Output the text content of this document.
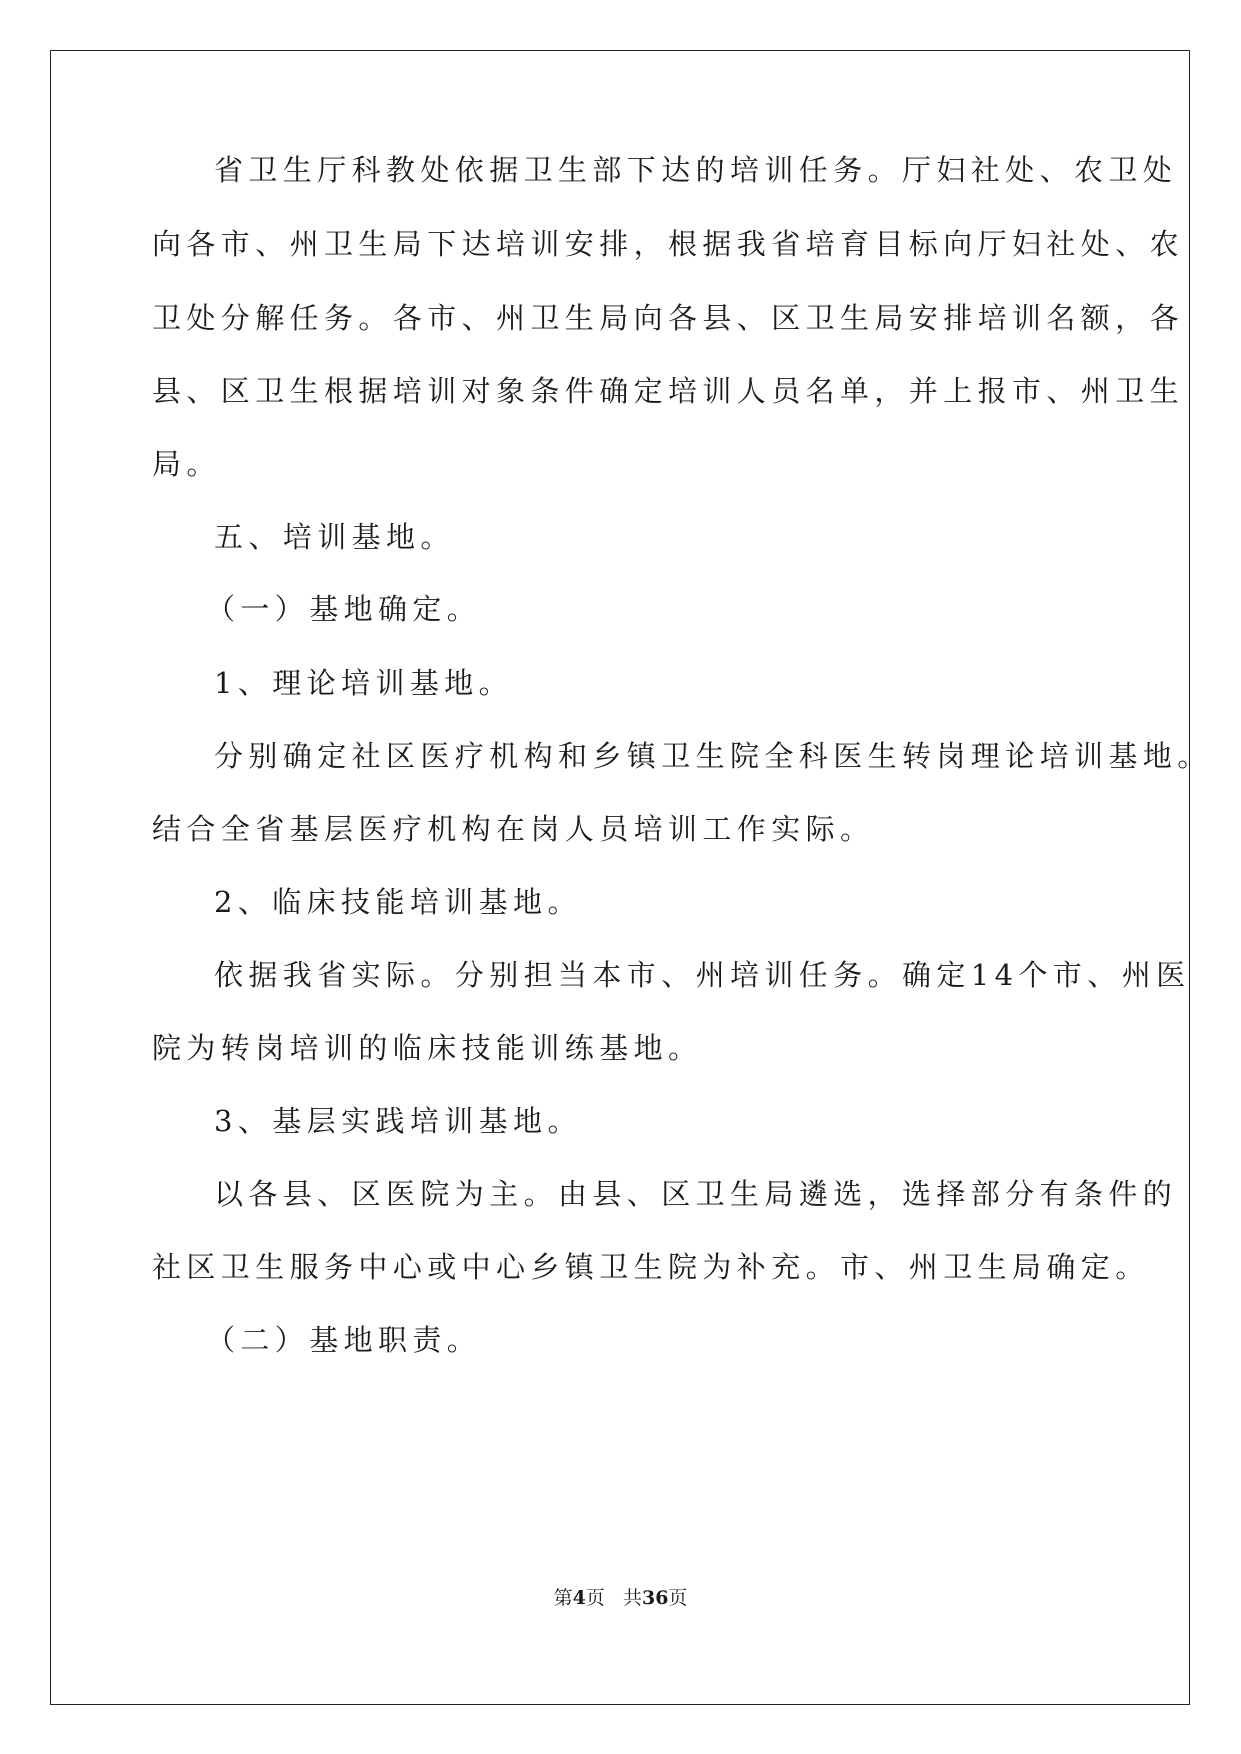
省卫生厅科教处依据卫生部下达的培训任务。厅妇社处、农卫处
向各市、州卫生局下达培训安排，根据我省培育目标向厅妇社处、农
卫处分解任务。各市、州卫生局向各县、区卫生局安排培训名额，各
县、区卫生根据培训对象条件确定培训人员名单，并上报市、州卫生
局。
五、培训基地。
（一）基地确定。
1、理论培训基地。
分别确定社区医疗机构和乡镇卫生院全科医生转岗理论培训基地。
结合全省基层医疗机构在岗人员培训工作实际。
2、临床技能培训基地。
依据我省实际。分别担当本市、州培训任务。确定14个市、州医
院为转岗培训的临床技能训练基地。
3、基层实践培训基地。
以各县、区医院为主。由县、区卫生局遴选，选择部分有条件的
社区卫生服务中心或中心乡镇卫生院为补充。市、州卫生局确定。
（二）基地职责。
第4页 共36页
